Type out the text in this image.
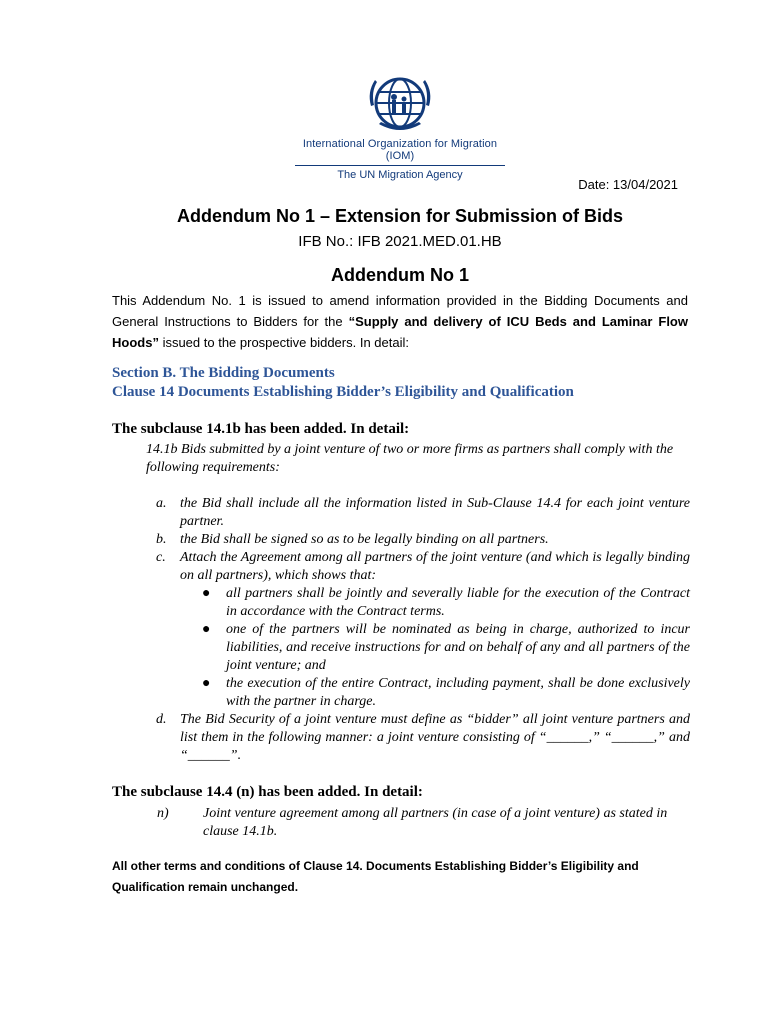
International Organization for Migration (IOM)
The UN Migration Agency
Date: 13/04/2021
Addendum No 1 – Extension for Submission of Bids
IFB No.: IFB 2021.MED.01.HB
Addendum No 1
This Addendum No. 1 is issued to amend information provided in the Bidding Documents and General Instructions to Bidders for the “Supply and delivery of ICU Beds and Laminar Flow Hoods” issued to the prospective bidders. In detail:
Section B. The Bidding Documents
Clause 14 Documents Establishing Bidder’s Eligibility and Qualification
The subclause 14.1b has been added. In detail:
14.1b Bids submitted by a joint venture of two or more firms as partners shall comply with the following requirements:
a. the Bid shall include all the information listed in Sub-Clause 14.4 for each joint venture partner.
b. the Bid shall be signed so as to be legally binding on all partners.
c. Attach the Agreement among all partners of the joint venture (and which is legally binding on all partners), which shows that:
● all partners shall be jointly and severally liable for the execution of the Contract in accordance with the Contract terms.
● one of the partners will be nominated as being in charge, authorized to incur liabilities, and receive instructions for and on behalf of any and all partners of the joint venture; and
● the execution of the entire Contract, including payment, shall be done exclusively with the partner in charge.
d. The Bid Security of a joint venture must define as “bidder” all joint venture partners and list them in the following manner: a joint venture consisting of “______,” “______,” and “______”.
The subclause 14.4 (n) has been added. In detail:
n)	Joint venture agreement among all partners (in case of a joint venture) as stated in clause 14.1b.
All other terms and conditions of Clause 14. Documents Establishing Bidder’s Eligibility and Qualification remain unchanged.
